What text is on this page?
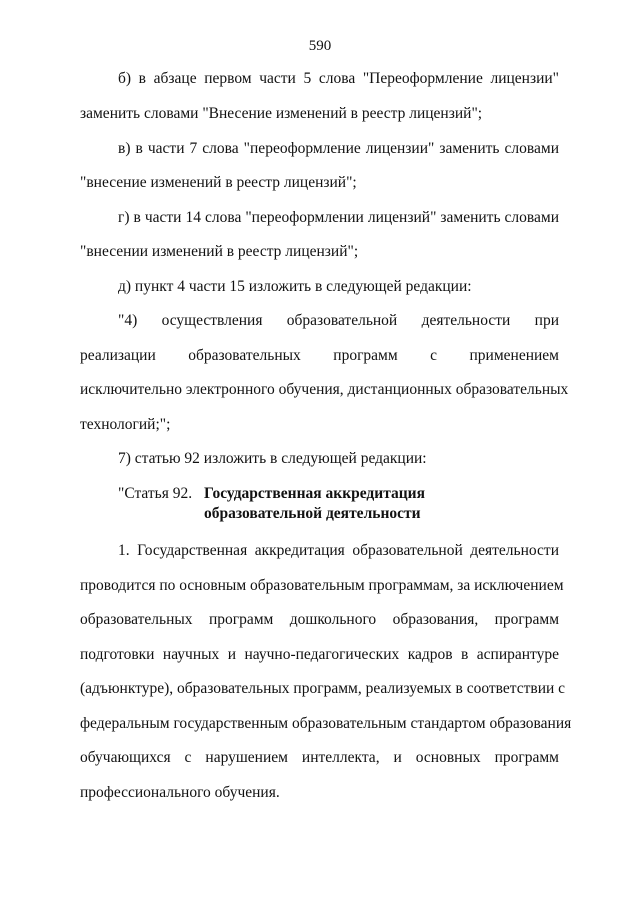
590
б) в абзаце первом части 5 слова "Переоформление лицензии"
заменить словами "Внесение изменений в реестр лицензий";
в) в части 7 слова "переоформление лицензии" заменить словами
"внесение изменений в реестр лицензий";
г) в части 14 слова "переоформлении лицензий" заменить словами
"внесении изменений в реестр лицензий";
д) пункт 4 части 15 изложить в следующей редакции:
"4) осуществления образовательной деятельности при
реализации образовательных программ с применением
исключительно электронного обучения, дистанционных образовательных
технологий;";
7) статью 92 изложить в следующей редакции:
"Статья 92. Государственная аккредитация
образовательной деятельности
1. Государственная аккредитация образовательной деятельности
проводится по основным образовательным программам, за исключением
образовательных программ дошкольного образования, программ
подготовки научных и научно-педагогических кадров в аспирантуре
(адъюнктуре), образовательных программ, реализуемых в соответствии с
федеральным государственным образовательным стандартом образования
обучающихся с нарушением интеллекта, и основных программ
профессионального обучения.
